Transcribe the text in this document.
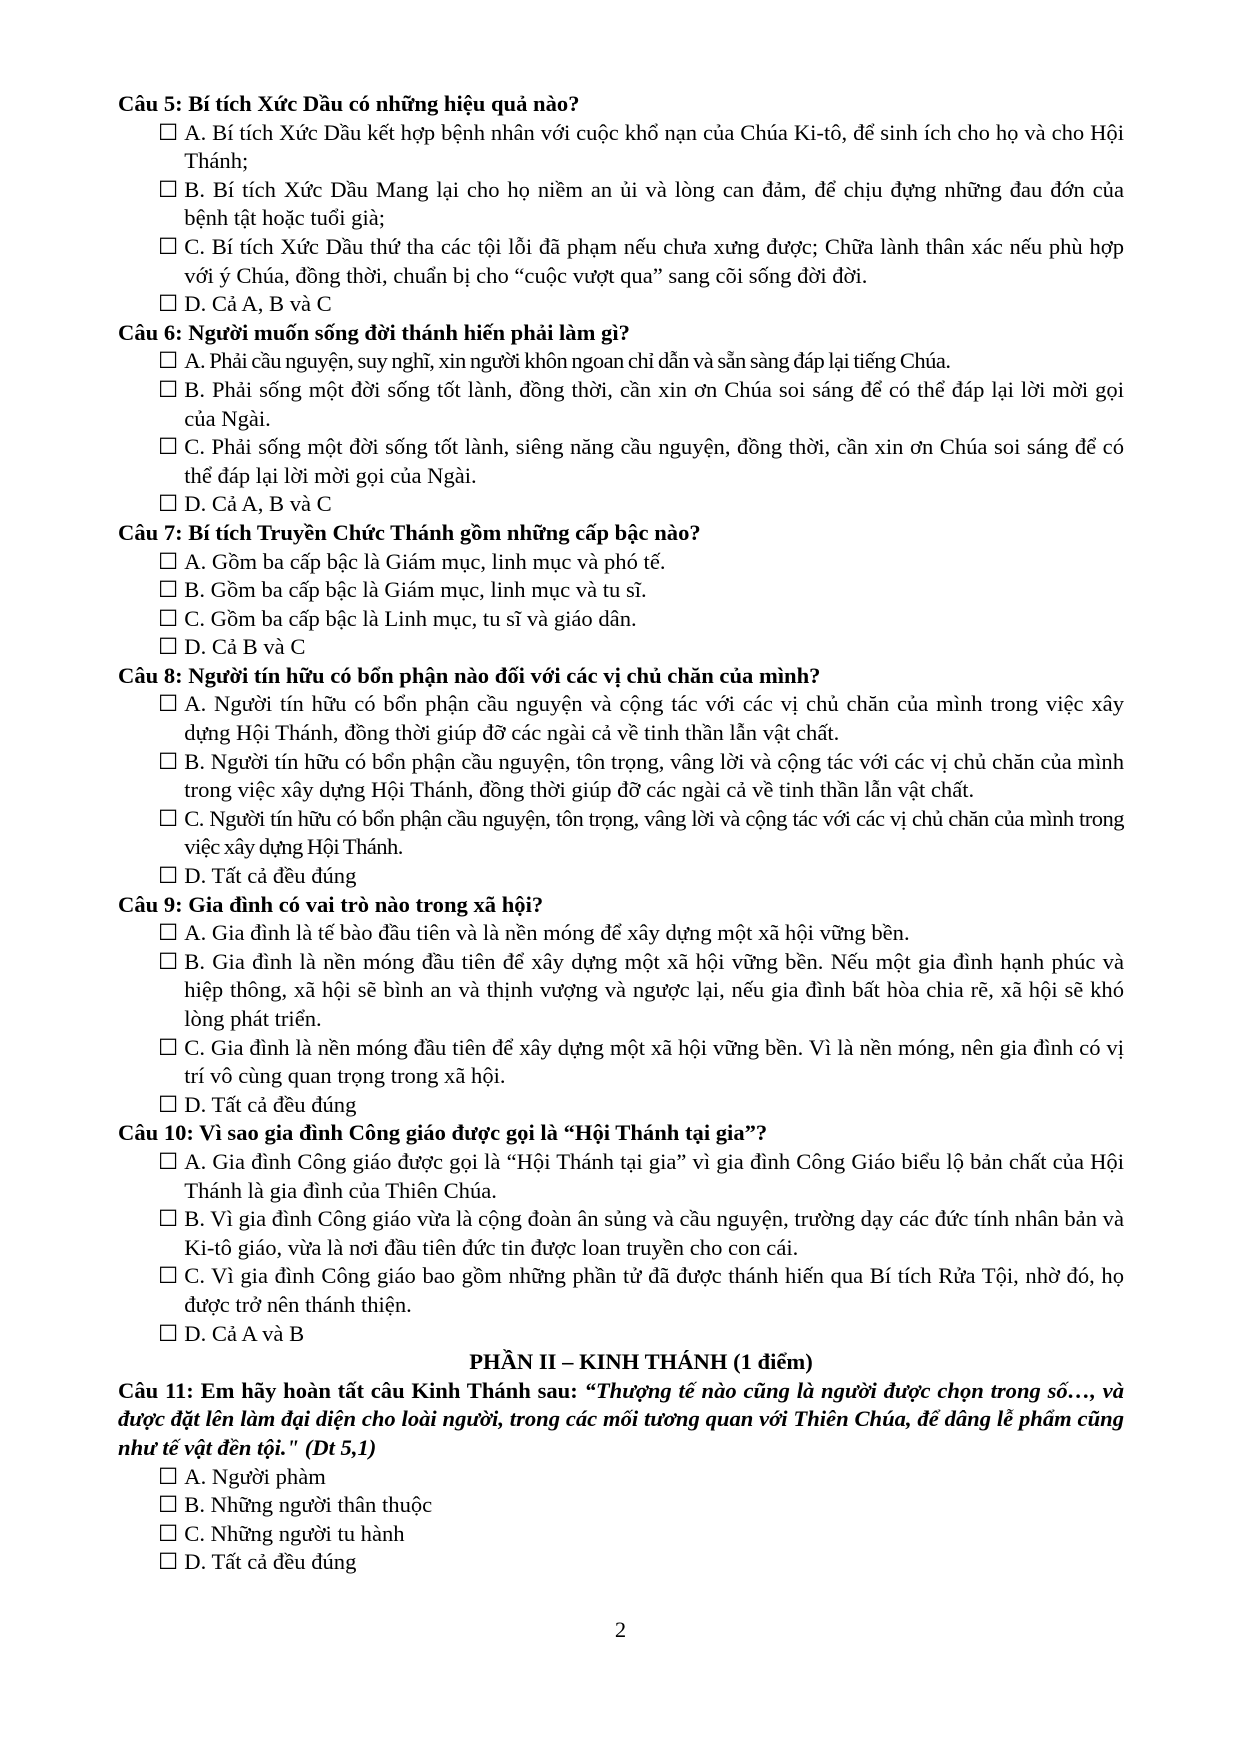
Câu 5: Bí tích Xức Dầu có những hiệu quả nào?
☐ A. Bí tích Xức Dầu kết hợp bệnh nhân với cuộc khổ nạn của Chúa Ki-tô, để sinh ích cho họ và cho Hội Thánh;
☐ B. Bí tích Xức Dầu Mang lại cho họ niềm an ủi và lòng can đảm, để chịu đựng những đau đớn của bệnh tật hoặc tuổi già;
☐ C. Bí tích Xức Dầu thứ tha các tội lỗi đã phạm nếu chưa xưng được; Chữa lành thân xác nếu phù hợp với ý Chúa, đồng thời, chuẩn bị cho “cuộc vượt qua” sang cõi sống đời đời.
☐ D. Cả A, B và C
Câu 6: Người muốn sống đời thánh hiến phải làm gì?
☐ A. Phải cầu nguyện, suy nghĩ, xin người khôn ngoan chỉ dẫn và sẵn sàng đáp lại tiếng Chúa.
☐ B. Phải sống một đời sống tốt lành, đồng thời, cần xin ơn Chúa soi sáng để có thể đáp lại lời mời gọi của Ngài.
☐ C. Phải sống một đời sống tốt lành, siêng năng cầu nguyện, đồng thời, cần xin ơn Chúa soi sáng để có thể đáp lại lời mời gọi của Ngài.
☐ D. Cả A, B và C
Câu 7: Bí tích Truyền Chức Thánh gồm những cấp bậc nào?
☐ A. Gồm ba cấp bậc là Giám mục, linh mục và phó tế.
☐ B. Gồm ba cấp bậc là Giám mục, linh mục và tu sĩ.
☐ C. Gồm ba cấp bậc là Linh mục, tu sĩ và giáo dân.
☐ D. Cả B và C
Câu 8: Người tín hữu có bổn phận nào đối với các vị chủ chăn của mình?
☐ A. Người tín hữu có bổn phận cầu nguyện và cộng tác với các vị chủ chăn của mình trong việc xây dựng Hội Thánh, đồng thời giúp đỡ các ngài cả về tinh thần lẫn vật chất.
☐ B. Người tín hữu có bổn phận cầu nguyện, tôn trọng, vâng lời và cộng tác với các vị chủ chăn của mình trong việc xây dựng Hội Thánh, đồng thời giúp đỡ các ngài cả về tinh thần lẫn vật chất.
☐ C. Người tín hữu có bổn phận cầu nguyện, tôn trọng, vâng lời và cộng tác với các vị chủ chăn của mình trong việc xây dựng Hội Thánh.
☐ D. Tất cả đều đúng
Câu 9: Gia đình có vai trò nào trong xã hội?
☐ A. Gia đình là tế bào đầu tiên và là nền móng để xây dựng một xã hội vững bền.
☐ B. Gia đình là nền móng đầu tiên để xây dựng một xã hội vững bền. Nếu một gia đình hạnh phúc và hiệp thông, xã hội sẽ bình an và thịnh vượng và ngược lại, nếu gia đình bất hòa chia rẽ, xã hội sẽ khó lòng phát triển.
☐ C. Gia đình là nền móng đầu tiên để xây dựng một xã hội vững bền. Vì là nền móng, nên gia đình có vị trí vô cùng quan trọng trong xã hội.
☐ D. Tất cả đều đúng
Câu 10: Vì sao gia đình Công giáo được gọi là “Hội Thánh tại gia”?
☐ A. Gia đình Công giáo được gọi là “Hội Thánh tại gia” vì gia đình Công Giáo biểu lộ bản chất của Hội Thánh là gia đình của Thiên Chúa.
☐ B. Vì gia đình Công giáo vừa là cộng đoàn ân sủng và cầu nguyện, trường dạy các đức tính nhân bản và Ki-tô giáo, vừa là nơi đầu tiên đức tin được loan truyền cho con cái.
☐ C. Vì gia đình Công giáo bao gồm những phần tử đã được thánh hiến qua Bí tích Rửa Tội, nhờ đó, họ được trở nên thánh thiện.
☐ D. Cả A và B
PHẦN II – KINH THÁNH (1 điểm)
Câu 11: Em hãy hoàn tất câu Kinh Thánh sau: “Thượng tế nào cũng là người được chọn trong số…, và được đặt lên làm đại diện cho loài người, trong các mối tương quan với Thiên Chúa, để dâng lễ phẩm cũng như tế vật đền tội." (Dt 5,1)
☐ A. Người phàm
☐ B. Những người thân thuộc
☐ C. Những người tu hành
☐ D. Tất cả đều đúng
2
